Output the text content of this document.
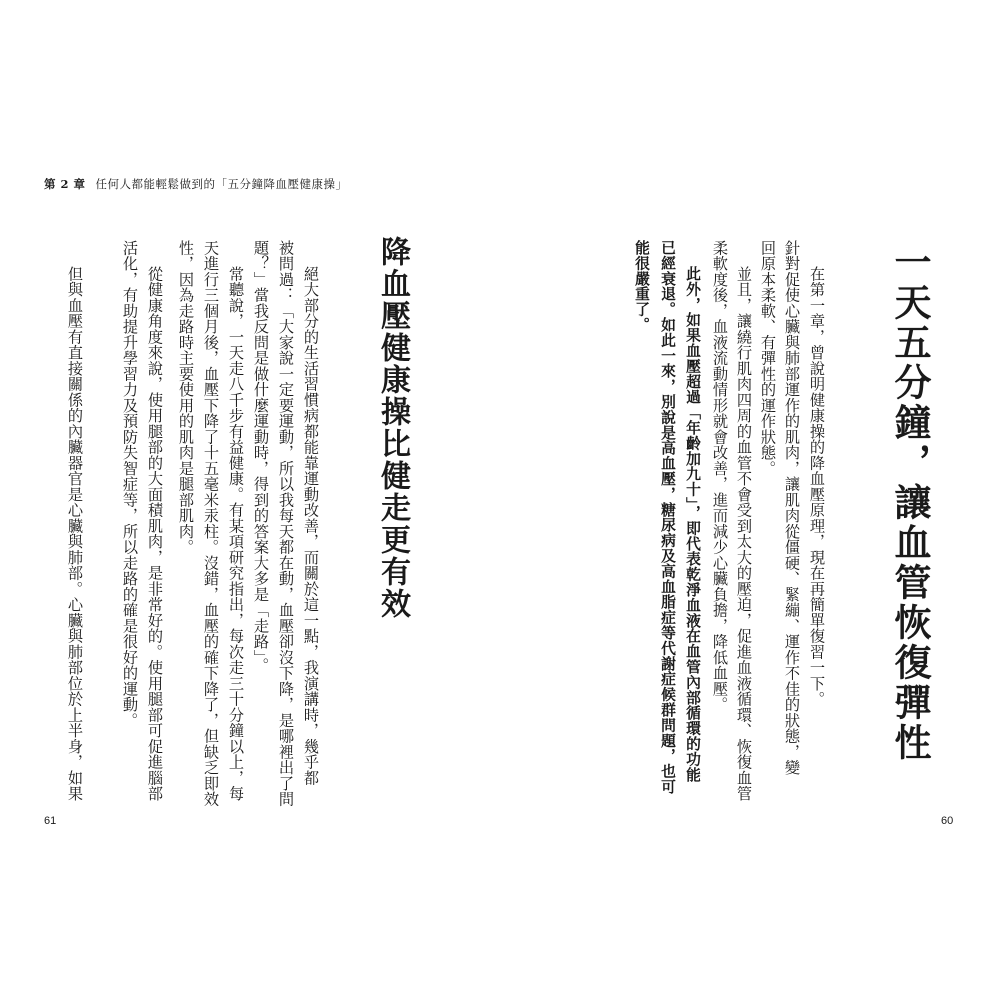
第 2 章 任何人都能輕鬆做到的「五分鐘降血壓健康操」
一天五分鐘，讓血管恢復彈性
在第一章，曾說明健康操的降血壓原理，現在再簡單復習一下。
針對促使心臟與肺部運作的肌肉，讓肌肉從僵硬、緊繃、運作不佳的狀態，變
回原本柔軟、有彈性的運作狀態。
並且，讓繞行肌肉四周的血管不會受到太大的壓迫，促進血液循環、恢復血管
柔軟度後，血液流動情形就會改善，進而減少心臟負擔，降低血壓。
此外，如果血壓超過「年齡加九十」，即代表乾淨血液在血管內部循環的功能
已經衰退。如此一來，別說是高血壓，糖尿病及高血脂症等代謝症候群問題，也可
能很嚴重了。
降血壓健康操比健走更有效
絕大部分的生活習慣病都能靠運動改善，而關於這一點，我演講時，幾乎都
被問過：「大家說一定要運動，所以我每天都在動，血壓卻沒下降，是哪裡出了問
題？」當我反問是做什麼運動時，得到的答案大多是「走路」。
常聽說，一天走八千步有益健康。有某項研究指出，每次走三十分鐘以上，每
天進行三個月後，血壓下降了十五毫米汞柱。沒錯，血壓的確下降了，但缺乏即效
性，因為走路時主要使用的肌肉是腿部肌肉。
從健康角度來說，使用腿部的大面積肌肉，是非常好的。使用腿部可促進腦部
活化，有助提升學習力及預防失智症等，所以走路的確是很好的運動。
但與血壓有直接關係的內臟器官是心臟與肺部。心臟與肺部位於上半身，如果
61	60
